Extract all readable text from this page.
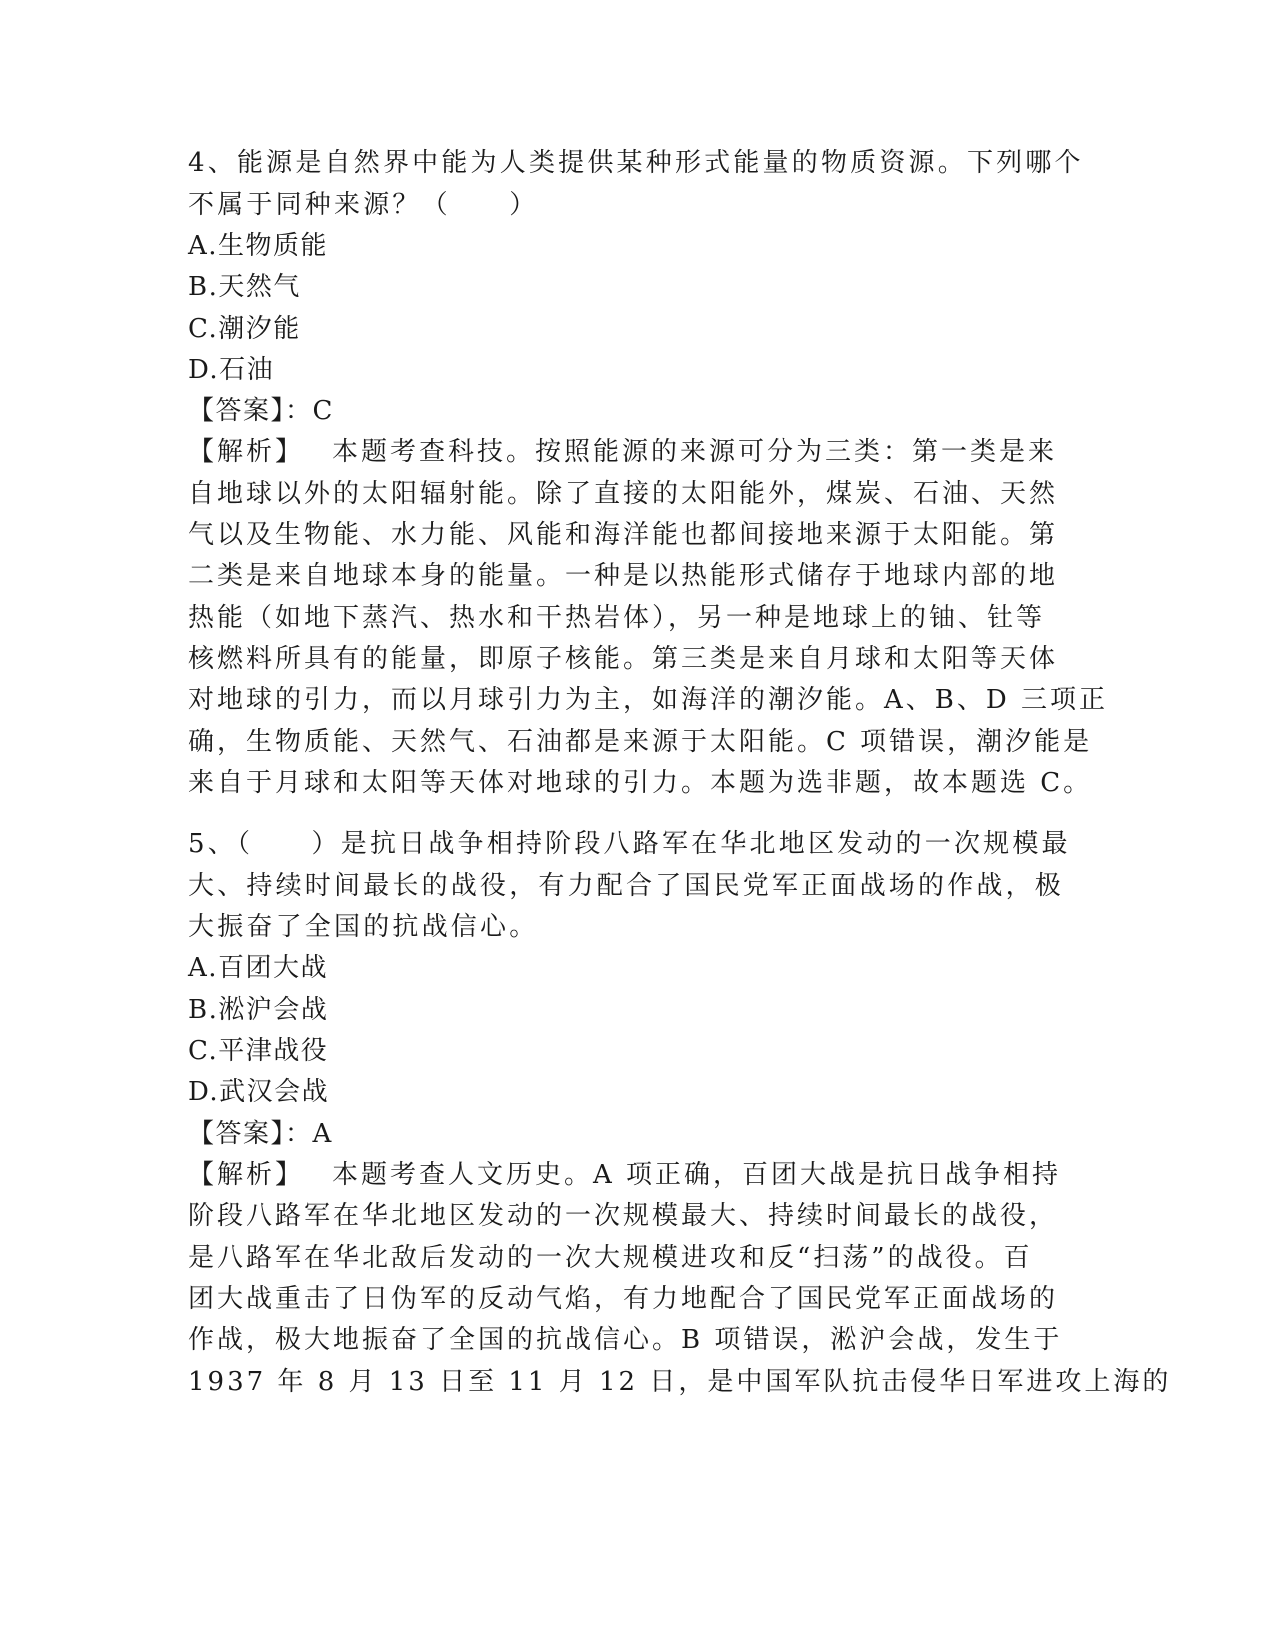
4、能源是自然界中能为人类提供某种形式能量的物质资源。下列哪个
不属于同种来源？（　　）
A.生物质能
B.天然气
C.潮汐能
D.石油
【答案】：C
【解析】 本题考查科技。按照能源的来源可分为三类：第一类是来
自地球以外的太阳辐射能。除了直接的太阳能外，煤炭、石油、天然
气以及生物能、水力能、风能和海洋能也都间接地来源于太阳能。第
二类是来自地球本身的能量。一种是以热能形式储存于地球内部的地
热能（如地下蒸汽、热水和干热岩体），另一种是地球上的铀、钍等
核燃料所具有的能量，即原子核能。第三类是来自月球和太阳等天体
对地球的引力，而以月球引力为主，如海洋的潮汐能。A、B、D 三项正
确，生物质能、天然气、石油都是来源于太阳能。C 项错误，潮汐能是
来自于月球和太阳等天体对地球的引力。本题为选非题，故本题选 C。
5、（　　）是抗日战争相持阶段八路军在华北地区发动的一次规模最
大、持续时间最长的战役，有力配合了国民党军正面战场的作战，极
大振奋了全国的抗战信心。
A.百团大战
B.淞沪会战
C.平津战役
D.武汉会战
【答案】：A
【解析】 本题考查人文历史。A 项正确，百团大战是抗日战争相持
阶段八路军在华北地区发动的一次规模最大、持续时间最长的战役，
是八路军在华北敌后发动的一次大规模进攻和反“扫荡”的战役。百
团大战重击了日伪军的反动气焰，有力地配合了国民党军正面战场的
作战，极大地振奋了全国的抗战信心。B 项错误，淞沪会战，发生于
1937 年 8 月 13 日至 11 月 12 日，是中国军队抗击侵华日军进攻上海的
